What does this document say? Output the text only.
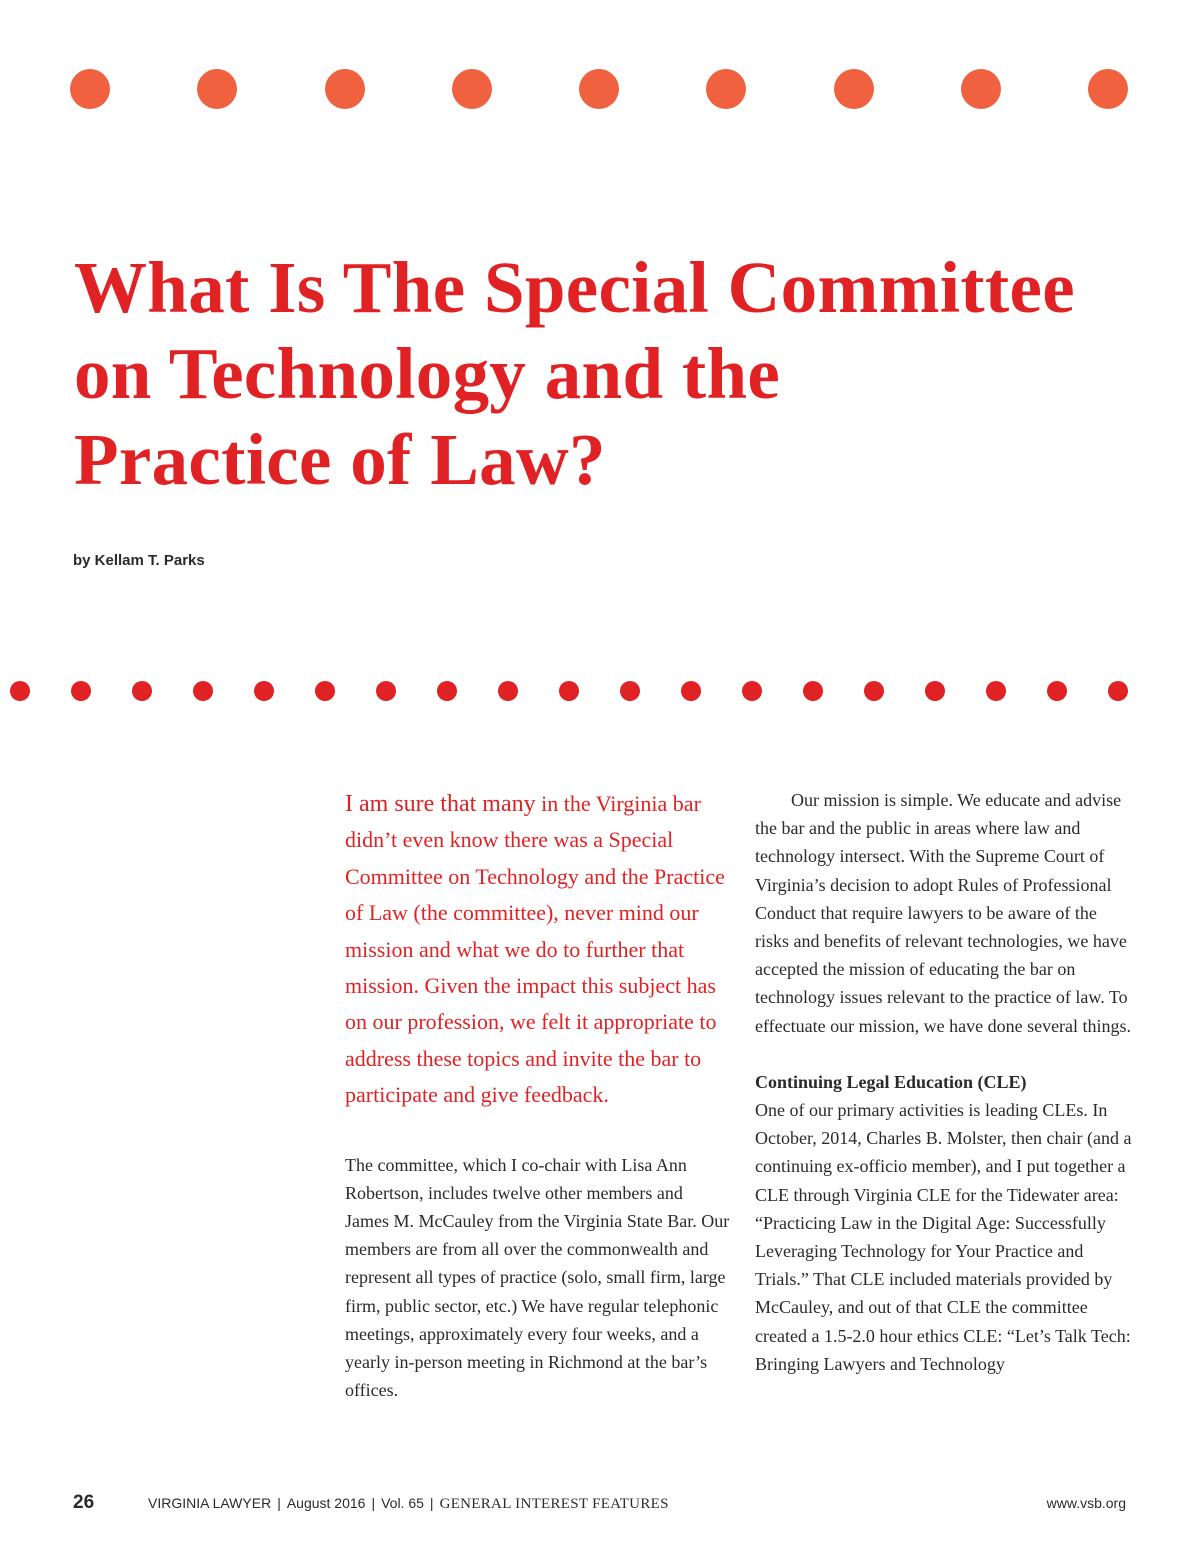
What Is The Special Committee
on Technology and the
Practice of Law?

by Kellam T. Parks

I am sure that many in the Virginia bar didn’t even know there was a Special Committee on Technology and the Practice of Law (the committee), never mind our mission and what we do to further that mission. Given the impact this subject has on our profession, we felt it appropriate to address these topics and invite the bar to participate and give feedback.

The committee, which I co-chair with Lisa Ann Robertson, includes twelve other members and James M. McCauley from the Virginia State Bar. Our members are from all over the commonwealth and represent all types of practice (solo, small firm, large firm, public sector, etc.) We have regular telephonic meetings, approximately every four weeks, and a yearly in-person meeting in Richmond at the bar’s offices.

Our mission is simple. We educate and advise the bar and the public in areas where law and technology intersect. With the Supreme Court of Virginia’s decision to adopt Rules of Professional Conduct that require lawyers to be aware of the risks and benefits of relevant technologies, we have accepted the mission of educating the bar on technology issues relevant to the practice of law. To effectuate our mission, we have done several things.

Continuing Legal Education (CLE)

One of our primary activities is leading CLEs. In October, 2014, Charles B. Molster, then chair (and a continuing ex-officio member), and I put together a CLE through Virginia CLE for the Tidewater area: “Practicing Law in the Digital Age: Successfully Leveraging Technology for Your Practice and Trials.” That CLE included materials provided by McCauley, and out of that CLE the committee created a 1.5-2.0 hour ethics CLE: “Let’s Talk Tech: Bringing Lawyers and Technology

26	VIRGINIA LAWYER | August 2016 | Vol. 65 | GENERAL INTEREST FEATURES	www.vsb.org
